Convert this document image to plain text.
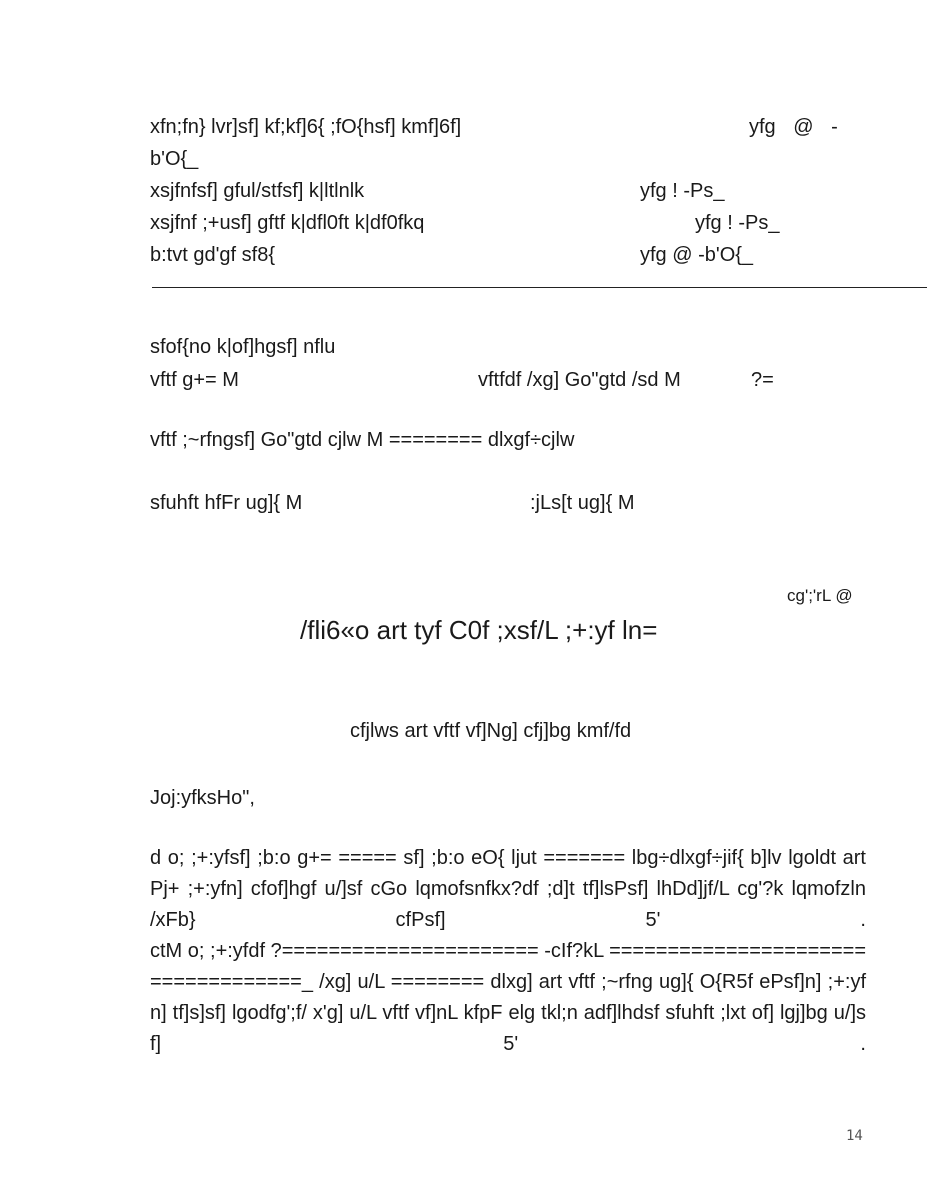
xfn;fn} lvr]sf] kf;kf]6{ ;fO{hsf] kmf]6f]	yfg @ -
b'O{_
xsjfnfsf] gful/stfsf] k|ltlnlk	yfg ! -Ps_
xsjfnf ;+usf] gftf k|dfl0ft k|df0fkq	yfg ! -Ps_
b:tvt gd'gf sf8{	yfg @ -b'O{_
sfof{no k|of]hgsf] nflu
vftf g+= M	vftfdf /xg] Go"gtd /sd M	?=
vftf ;~rfngsf] Go"gtd cjlw M ======== dlxgf÷cjlw
sfuhft hfFr ug]{ M	:jLs[t ug]{ M
cg';'rL @
/fli6«o art tyf C0f ;xsf/L ;+:yf ln=
cfjlws art vftf vf]Ng] cfj]bg kmf/fd
Joj:yfksHo",
d o; ;+:yfsf] ;b:o g+= ===== sf] ;b:o eO{ ljut ======= lbg÷dlxgf÷jif{ b]lv lgoldt art Pj+ ;+:yfn] cfof]hgf u/]sf cGo lqmofsnfkx?df ;d]t tf]lsPsf] lhDd]jf/L cg'?k lqmofzln /xFb} cfPsf] 5' .
ctM o; ;+:yfdf ?====================== -cIf?kL ===================================_ /xg] u/L ======== dlxg] art vftf ;~rfng ug]{ O{R5f ePsf]n] ;+:yfn] tf]s]sf] lgodfg';f/ x'g] u/L vftf vf]nL kfpF elg tkl;n adf]lhdsf sfuhft ;lxt of] lgj]bg u/]sf] 5' .
14
